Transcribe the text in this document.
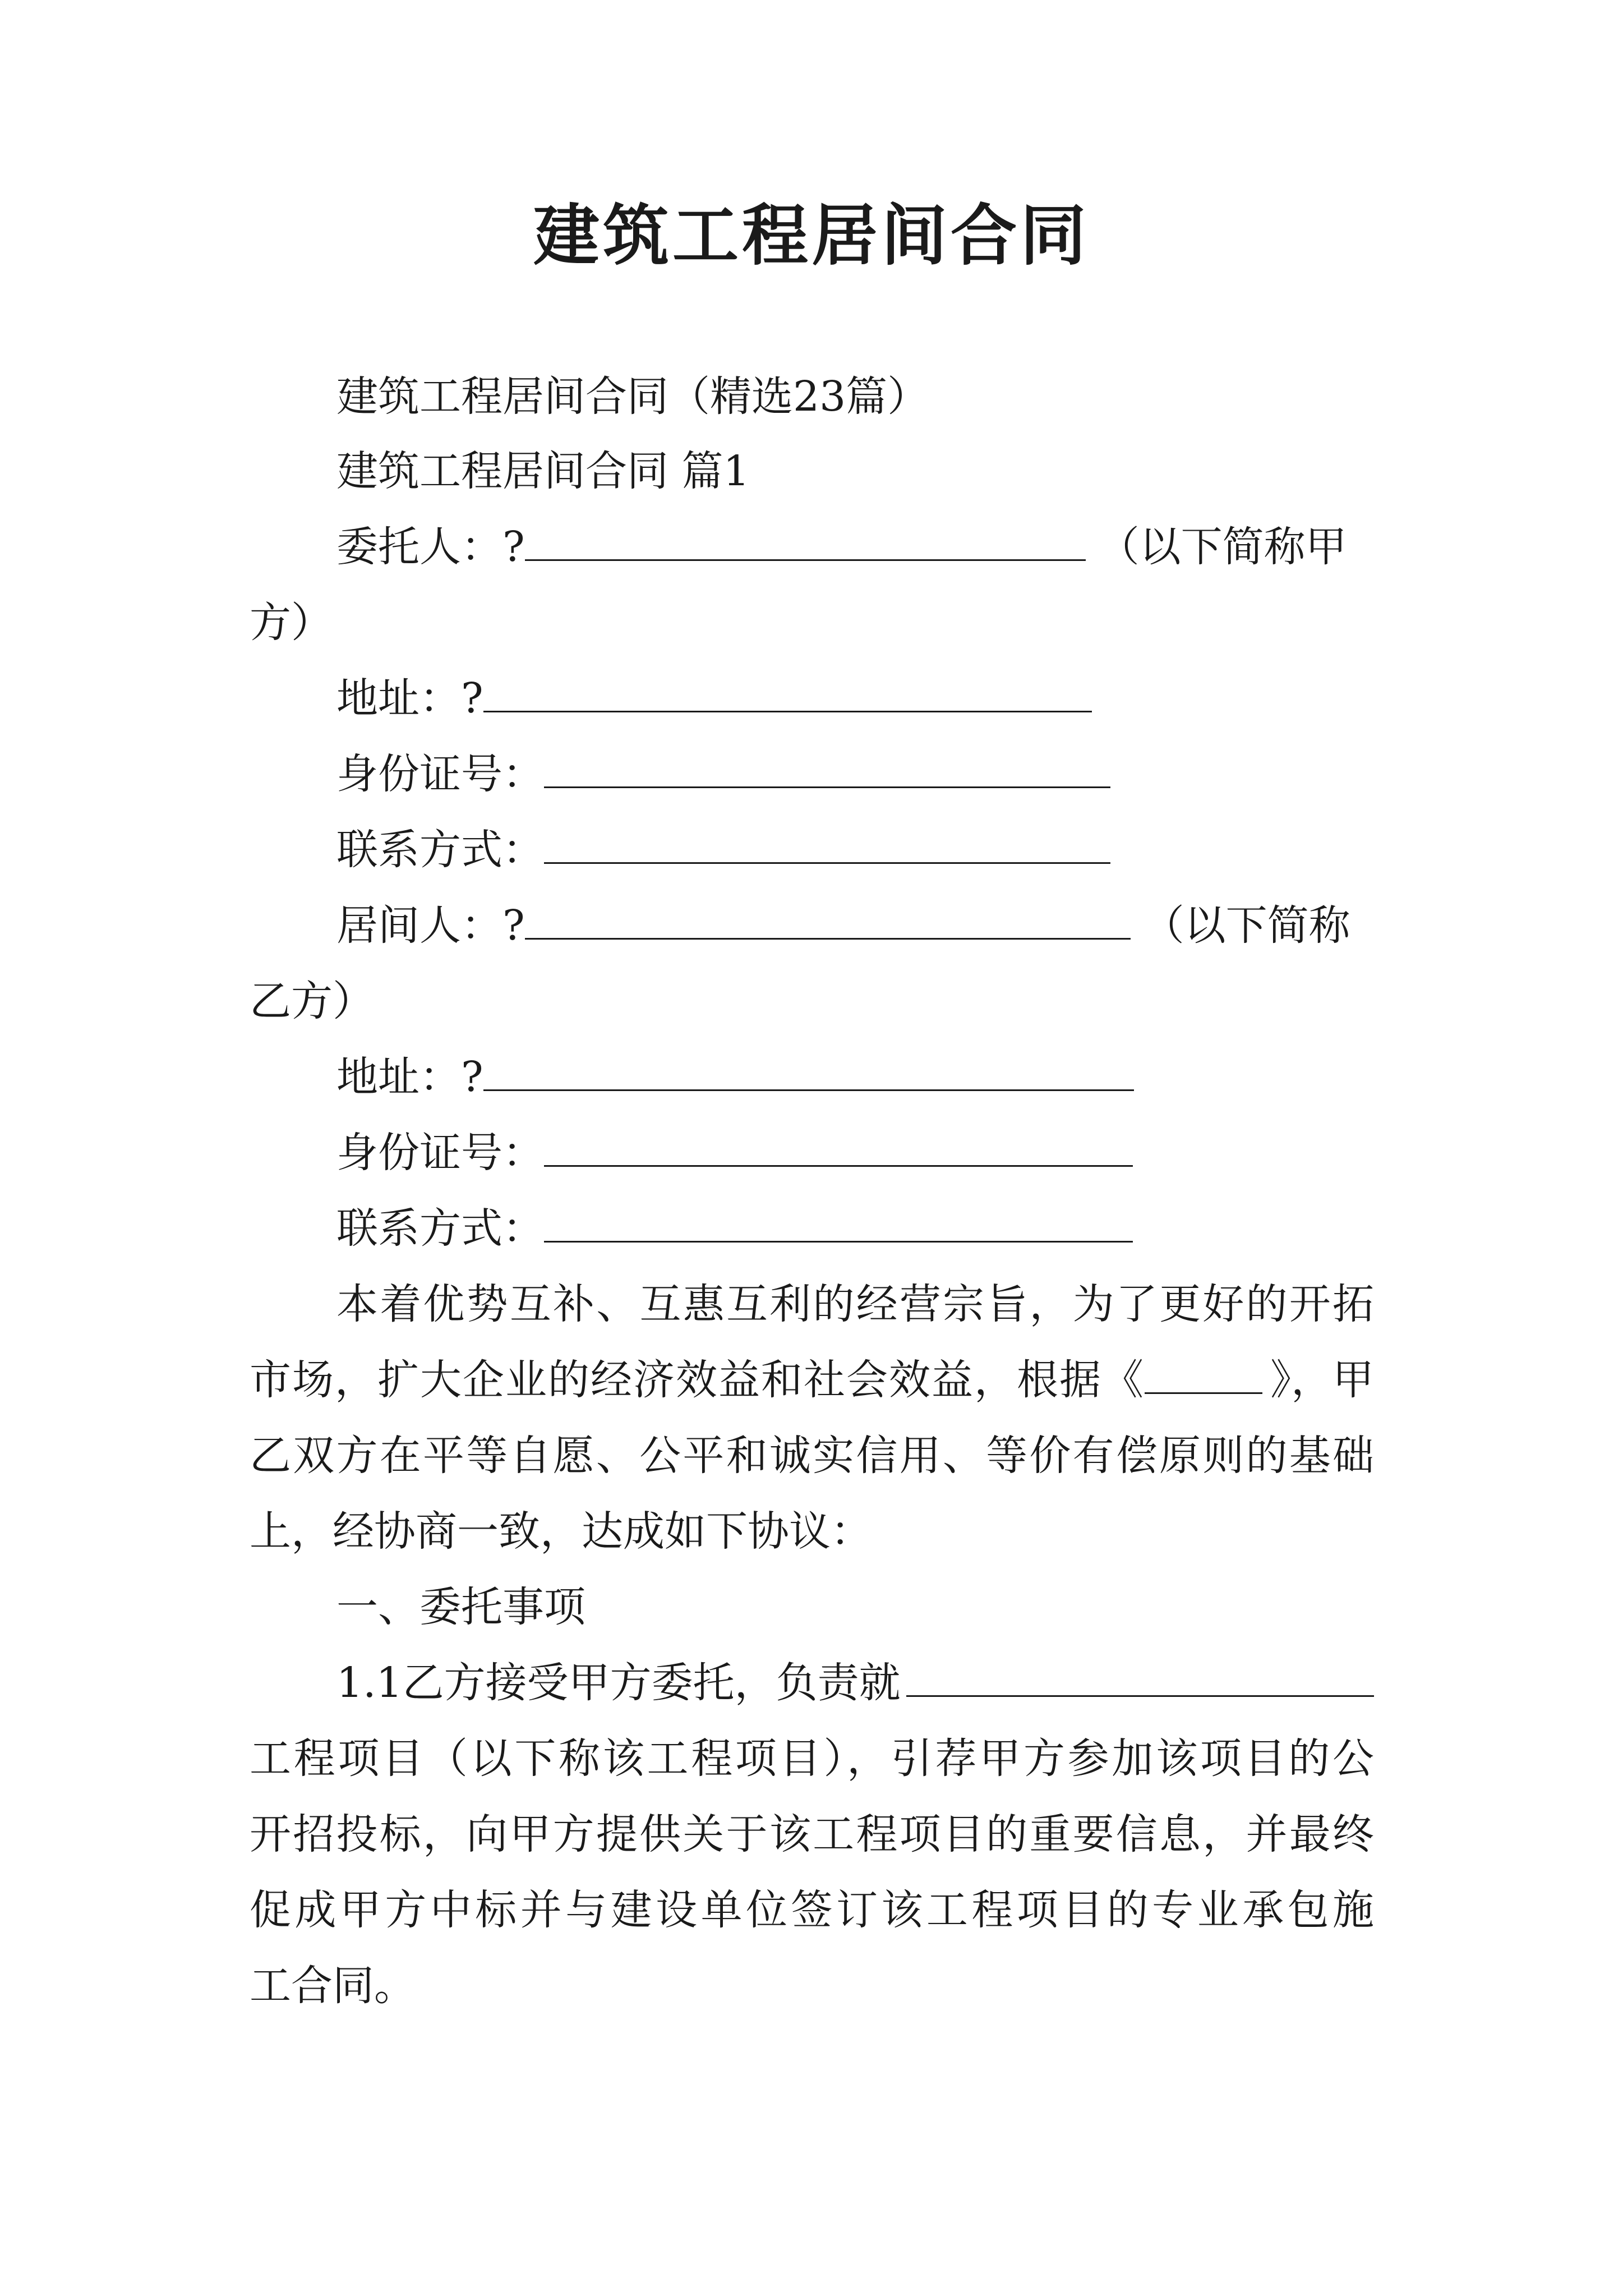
建筑工程居间合同

建筑工程居间合同（精选23篇）

建筑工程居间合同 篇1

委托人：?	（以下简称甲

方）

地址：?
身份证号：
联系方式：
居间人：?	（以下简称

乙方）

地址：?
身份证号：
联系方式：

本着优势互补、互惠互利的经营宗旨，为了更好的开拓

市场，扩大企业的经济效益和社会效益，根据《	》，甲

乙双方在平等自愿、公平和诚实信用、等价有偿原则的基础

上，经协商一致，达成如下协议：

一、委托事项

1.1乙方接受甲方委托，负责就

工程项目（以下称该工程项目），引荐甲方参加该项目的公

开招投标，向甲方提供关于该工程项目的重要信息，并最终

促成甲方中标并与建设单位签订该工程项目的专业承包施

工合同。
